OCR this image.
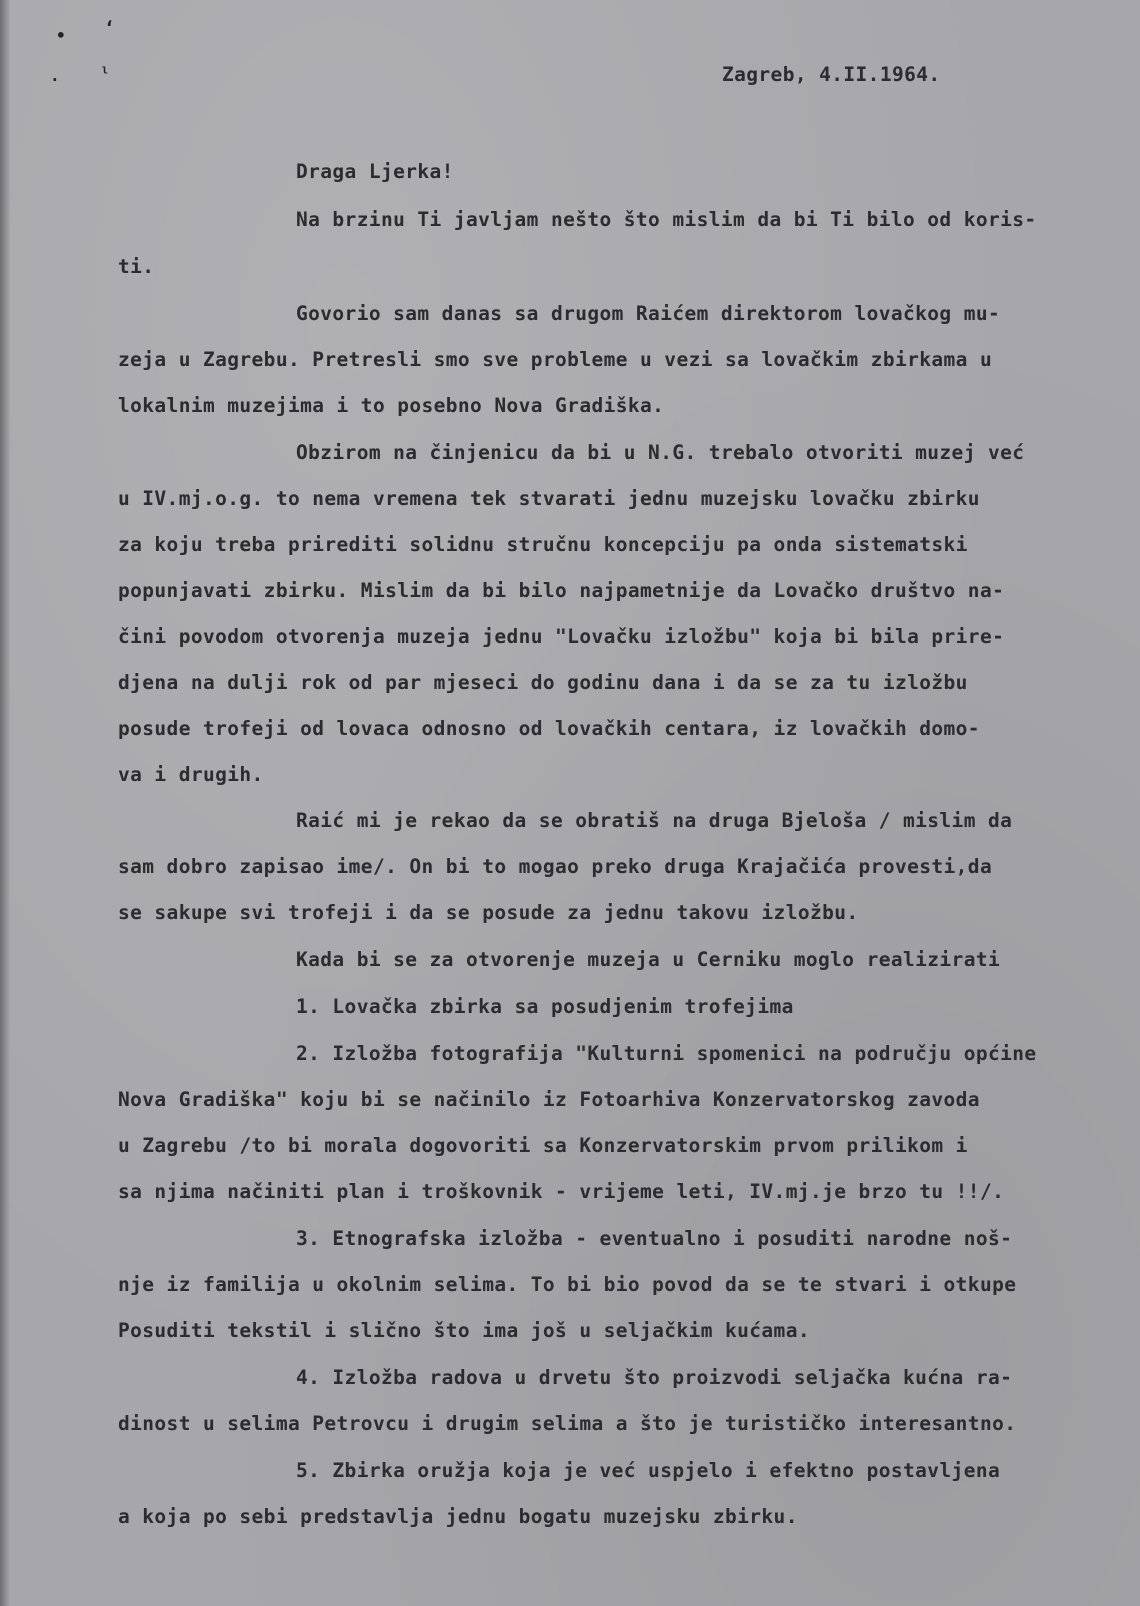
• ʻ
·	ˡ	Zagreb, 4.II.1964.
Draga Ljerka!
Na brzinu Ti javljam nešto što mislim da bi Ti bilo od koris-
ti.
Govorio sam danas sa drugom Raićem direktorom lovačkog mu-
zeja u Zagrebu. Pretresli smo sve probleme u vezi sa lovačkim zbirkama u
lokalnim muzejima i to posebno Nova Gradiška.
Obzirom na činjenicu da bi u N.G. trebalo otvoriti muzej već
u IV.mj.o.g. to nema vremena tek stvarati jednu muzejsku lovačku zbirku
za koju treba prirediti solidnu stručnu koncepciju pa onda sistematski
popunjavati zbirku. Mislim da bi bilo najpametnije da Lovačko društvo na-
čini povodom otvorenja muzeja jednu "Lovačku izložbu" koja bi bila prire-
djena na dulji rok od par mjeseci do godinu dana i da se za tu izložbu
posude trofeji od lovaca odnosno od lovačkih centara, iz lovačkih domo-
va i drugih.
Raić mi je rekao da se obratiš na druga Bjeloša / mislim da
sam dobro zapisao ime/. On bi to mogao preko druga Krajačića provesti,da
se sakupe svi trofeji i da se posude za jednu takovu izložbu.
Kada bi se za otvorenje muzeja u Cerniku moglo realizirati
1. Lovačka zbirka sa posudjenim trofejima
2. Izložba fotografija "Kulturni spomenici na području općine
Nova Gradiška" koju bi se načinilo iz Fotoarhiva Konzervatorskog zavoda
u Zagrebu /to bi morala dogovoriti sa Konzervatorskim prvom prilikom i
sa njima načiniti plan i troškovnik - vrijeme leti, IV.mj.je brzo tu !!/.
3. Etnografska izložba - eventualno i posuditi narodne noš-
nje iz familija u okolnim selima. To bi bio povod da se te stvari i otkupe
Posuditi tekstil i slično što ima još u seljačkim kućama.
4. Izložba radova u drvetu što proizvodi seljačka kućna ra-
dinost u selima Petrovcu i drugim selima a što je turističko interesantno.
5. Zbirka oružja koja je već uspjelo i efektno postavljena
a koja po sebi predstavlja jednu bogatu muzejsku zbirku.
